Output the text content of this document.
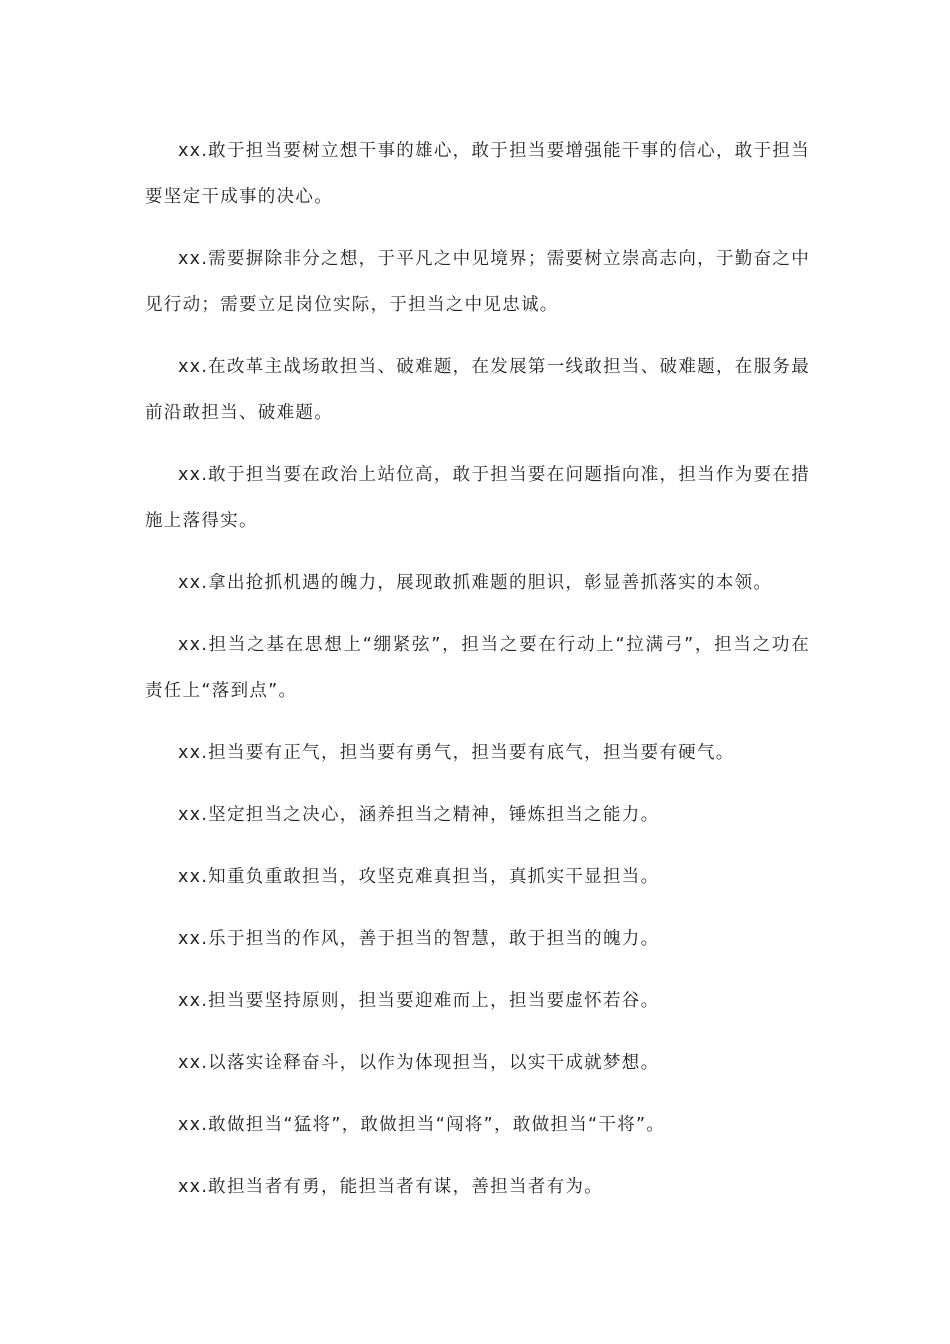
xx.敢于担当要树立想干事的雄心，敢于担当要增强能干事的信心，敢于担当要坚定干成事的决心。

xx.需要摒除非分之想，于平凡之中见境界；需要树立崇高志向，于勤奋之中见行动；需要立足岗位实际，于担当之中见忠诚。

xx.在改革主战场敢担当、破难题，在发展第一线敢担当、破难题，在服务最前沿敢担当、破难题。

xx.敢于担当要在政治上站位高，敢于担当要在问题指向准，担当作为要在措施上落得实。

xx.拿出抢抓机遇的魄力，展现敢抓难题的胆识，彰显善抓落实的本领。

xx.担当之基在思想上“绷紧弦”，担当之要在行动上“拉满弓”，担当之功在责任上“落到点”。

xx.担当要有正气，担当要有勇气，担当要有底气，担当要有硬气。

xx.坚定担当之决心，涵养担当之精神，锤炼担当之能力。

xx.知重负重敢担当，攻坚克难真担当，真抓实干显担当。

xx.乐于担当的作风，善于担当的智慧，敢于担当的魄力。

xx.担当要坚持原则，担当要迎难而上，担当要虚怀若谷。

xx.以落实诠释奋斗，以作为体现担当，以实干成就梦想。

xx.敢做担当“猛将”，敢做担当“闯将”，敢做担当“干将”。

xx.敢担当者有勇，能担当者有谋，善担当者有为。
